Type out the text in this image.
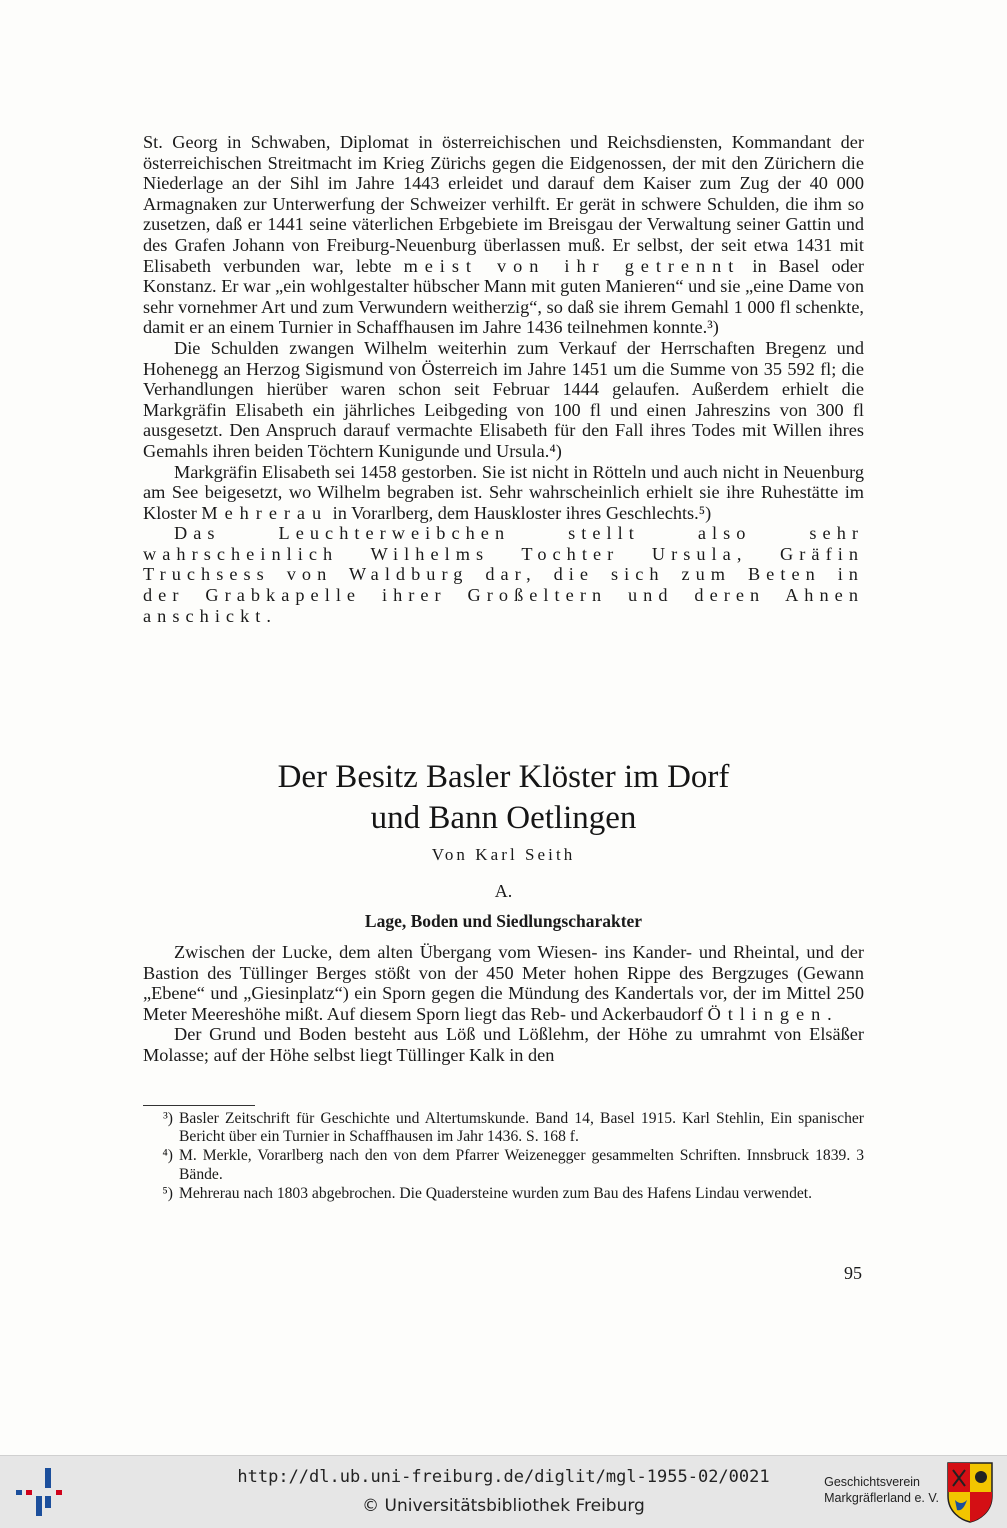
St. Georg in Schwaben, Diplomat in österreichischen und Reichsdiensten, Kommandant der österreichischen Streitmacht im Krieg Zürichs gegen die Eidgenossen, der mit den Zürichern die Niederlage an der Sihl im Jahre 1443 erleidet und darauf dem Kaiser zum Zug der 40 000 Armagnaken zur Unterwerfung der Schweizer verhilft. Er gerät in schwere Schulden, die ihm so zusetzen, daß er 1441 seine väterlichen Erbgebiete im Breisgau der Verwaltung seiner Gattin und des Grafen Johann von Freiburg-Neuenburg überlassen muß. Er selbst, der seit etwa 1431 mit Elisabeth verbunden war, lebte meist von ihr getrennt in Basel oder Konstanz. Er war „ein wohlgestalter hübscher Mann mit guten Manieren“ und sie „eine Dame von sehr vornehmer Art und zum Verwundern weitherzig“, so daß sie ihrem Gemahl 1 000 fl schenkte, damit er an einem Turnier in Schaffhausen im Jahre 1436 teilnehmen konnte.³)

Die Schulden zwangen Wilhelm weiterhin zum Verkauf der Herrschaften Bregenz und Hohenegg an Herzog Sigismund von Österreich im Jahre 1451 um die Summe von 35 592 fl; die Verhandlungen hierüber waren schon seit Februar 1444 gelaufen. Außerdem erhielt die Markgräfin Elisabeth ein jährliches Leibgeding von 100 fl und einen Jahreszins von 300 fl ausgesetzt. Den Anspruch darauf vermachte Elisabeth für den Fall ihres Todes mit Willen ihres Gemahls ihren beiden Töchtern Kunigunde und Ursula.⁴)

Markgräfin Elisabeth sei 1458 gestorben. Sie ist nicht in Rötteln und auch nicht in Neuenburg am See beigesetzt, wo Wilhelm begraben ist. Sehr wahrscheinlich erhielt sie ihre Ruhestätte im Kloster Mehrerau in Vorarlberg, dem Hauskloster ihres Geschlechts.⁵)

Das Leuchterweibchen stellt also sehr wahrscheinlich Wilhelms Tochter Ursula, Gräfin Truchsess von Waldburg dar, die sich zum Beten in der Grabkapelle ihrer Großeltern und deren Ahnen anschickt.

Der Besitz Basler Klöster im Dorf
und Bann Oetlingen
Von Karl Seith
A.
Lage, Boden und Siedlungscharakter

Zwischen der Lucke, dem alten Übergang vom Wiesen- ins Kander- und Rheintal, und der Bastion des Tüllinger Berges stößt von der 450 Meter hohen Rippe des Bergzuges (Gewann „Ebene“ und „Giesinplatz“) ein Sporn gegen die Mündung des Kandertals vor, der im Mittel 250 Meter Meereshöhe mißt. Auf diesem Sporn liegt das Reb- und Ackerbaudorf Ötlingen.

Der Grund und Boden besteht aus Löß und Lößlehm, der Höhe zu umrahmt von Elsäßer Molasse; auf der Höhe selbst liegt Tüllinger Kalk in den

³) Basler Zeitschrift für Geschichte und Altertumskunde. Band 14, Basel 1915. Karl Stehlin, Ein spanischer Bericht über ein Turnier in Schaffhausen im Jahr 1436. S. 168 f.
⁴) M. Merkle, Vorarlberg nach den von dem Pfarrer Weizenegger gesammelten Schriften. Innsbruck 1839. 3 Bände.
⁵) Mehrerau nach 1803 abgebrochen. Die Quadersteine wurden zum Bau des Hafens Lindau verwendet.
95
http://dl.ub.uni-freiburg.de/diglit/mgl-1955-02/0021
© Universitätsbibliothek Freiburg
Geschichtsverein
Markgräflerland e. V.
